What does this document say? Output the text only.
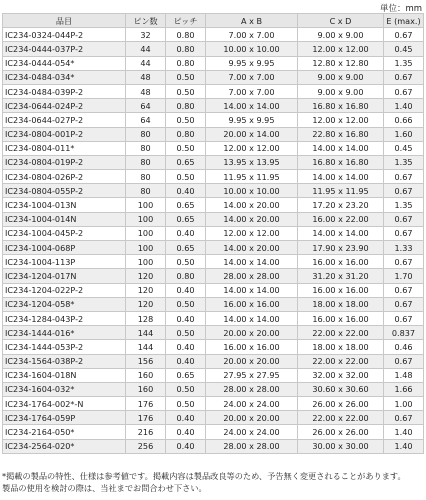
単位：mm
品目	ピン数	ピッチ	A x B	C x D	E (max.)
IC234-0324-044P-2	32	0.80	7.00 x 7.00	9.00 x 9.00	0.67
IC234-0444-037P-2	44	0.80	10.00 x 10.00	12.00 x 12.00	0.45
IC234-0444-054*	44	0.80	9.95 x 9.95	12.80 x 12.80	1.35
IC234-0484-034*	48	0.50	7.00 x 7.00	9.00 x 9.00	0.67
IC234-0484-039P-2	48	0.50	7.00 x 7.00	9.00 x 9.00	0.67
IC234-0644-024P-2	64	0.80	14.00 x 14.00	16.80 x 16.80	1.40
IC234-0644-027P-2	64	0.50	9.95 x 9.95	12.00 x 12.00	0.66
IC234-0804-001P-2	80	0.80	20.00 x 14.00	22.80 x 16.80	1.60
IC234-0804-011*	80	0.50	12.00 x 12.00	14.00 x 14.00	0.45
IC234-0804-019P-2	80	0.65	13.95 x 13.95	16.80 x 16.80	1.35
IC234-0804-026P-2	80	0.50	11.95 x 11.95	14.00 x 14.00	0.67
IC234-0804-055P-2	80	0.40	10.00 x 10.00	11.95 x 11.95	0.67
IC234-1004-013N	100	0.65	14.00 x 20.00	17.20 x 23.20	1.35
IC234-1004-014N	100	0.65	14.00 x 20.00	16.00 x 22.00	0.67
IC234-1004-045P-2	100	0.40	12.00 x 12.00	14.00 x 14.00	0.67
IC234-1004-068P	100	0.65	14.00 x 20.00	17.90 x 23.90	1.33
IC234-1004-113P	100	0.50	14.00 x 14.00	16.00 x 16.00	0.67
IC234-1204-017N	120	0.80	28.00 x 28.00	31.20 x 31.20	1.70
IC234-1204-022P-2	120	0.40	14.00 x 14.00	16.00 x 16.00	0.67
IC234-1204-058*	120	0.50	16.00 x 16.00	18.00 x 18.00	0.67
IC234-1284-043P-2	128	0.40	14.00 x 14.00	16.00 x 16.00	0.67
IC234-1444-016*	144	0.50	20.00 x 20.00	22.00 x 22.00	0.837
IC234-1444-053P-2	144	0.40	16.00 x 16.00	18.00 x 18.00	0.46
IC234-1564-038P-2	156	0.40	20.00 x 20.00	22.00 x 22.00	0.67
IC234-1604-018N	160	0.65	27.95 x 27.95	32.00 x 32.00	1.48
IC234-1604-032*	160	0.50	28.00 x 28.00	30.60 x 30.60	1.66
IC234-1764-002*-N	176	0.50	24.00 x 24.00	26.00 x 26.00	1.00
IC234-1764-059P	176	0.40	20.00 x 20.00	22.00 x 22.00	0.67
IC234-2164-050*	216	0.40	24.00 x 24.00	26.00 x 26.00	1.40
IC234-2564-020*	256	0.40	28.00 x 28.00	30.00 x 30.00	1.40
*掲載の製品の特性、仕様は参考値です。掲載内容は製品改良等のため、予告無く変更されることがあります。
製品の使用を検討の際は、当社までお問合わせ下さい。
